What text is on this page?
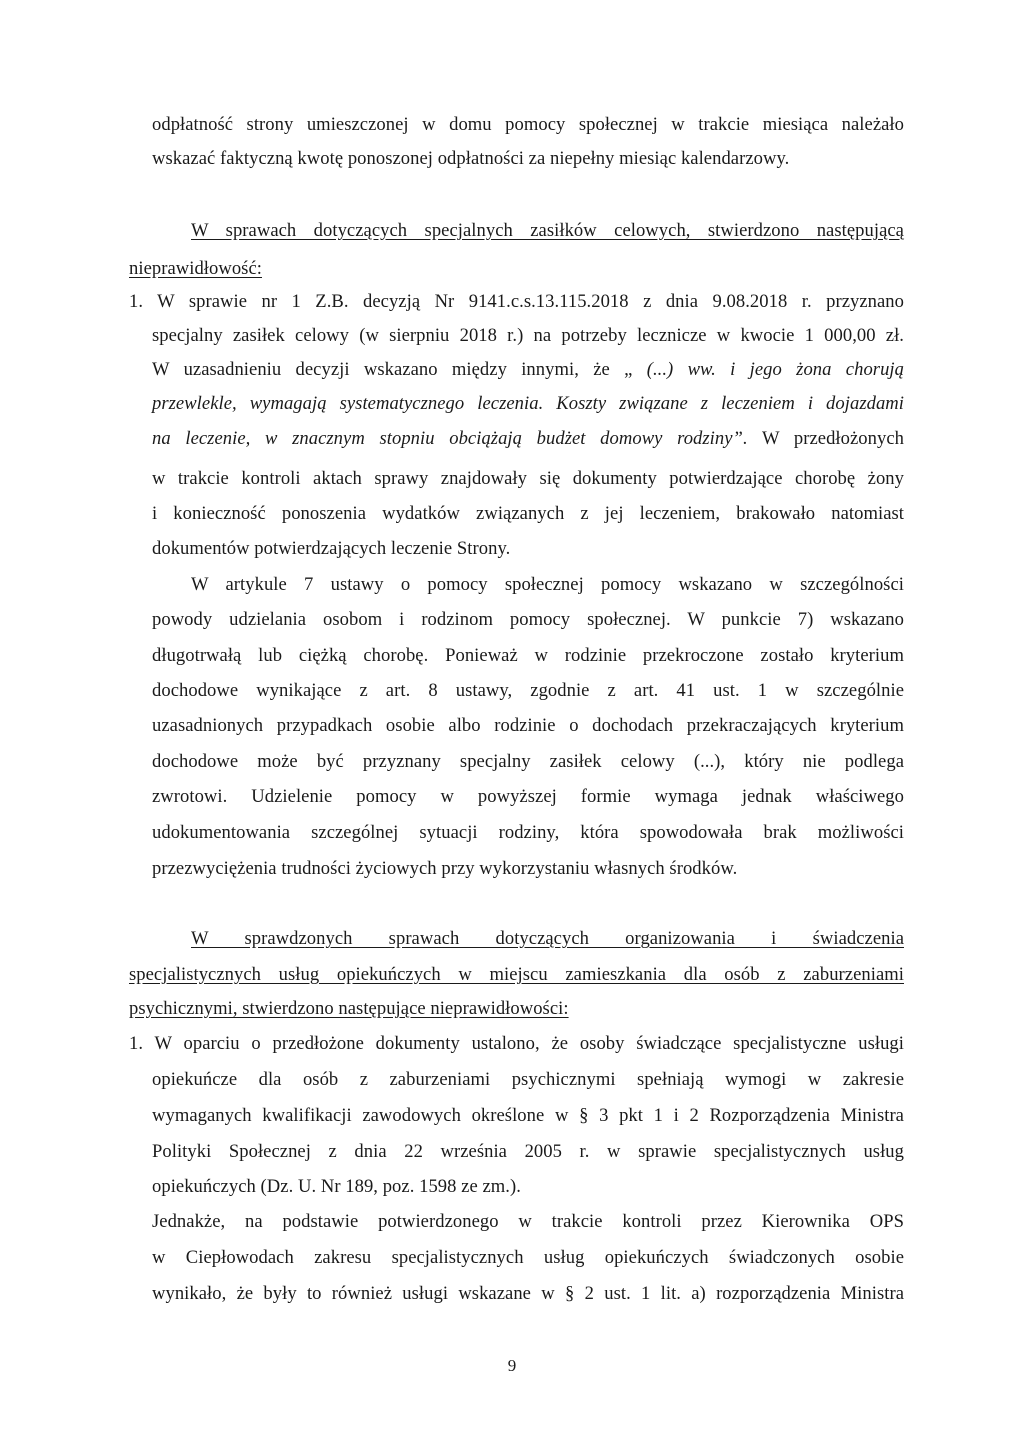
odpłatność strony umieszczonej w domu pomocy społecznej w trakcie miesiąca należało
wskazać faktyczną kwotę ponoszonej odpłatności za niepełny miesiąc kalendarzowy.
W sprawach dotyczących specjalnych zasiłków celowych, stwierdzono następującą
nieprawidłowość:
1. W sprawie nr 1 Z.B. decyzją Nr 9141.c.s.13.115.2018 z dnia 9.08.2018 r. przyznano
specjalny zasiłek celowy (w sierpniu 2018 r.) na potrzeby lecznicze w kwocie 1 000,00 zł.
W uzasadnieniu decyzji wskazano między innymi, że „ (...) ww. i jego żona chorują
przewlekle, wymagają systematycznego leczenia. Koszty związane z leczeniem i dojazdami
na leczenie, w znacznym stopniu obciążają budżet domowy rodziny”. W przedłożonych
w trakcie kontroli aktach sprawy znajdowały się dokumenty potwierdzające chorobę żony
i konieczność ponoszenia wydatków związanych z jej leczeniem, brakowało natomiast
dokumentów potwierdzających leczenie Strony.
W artykule 7 ustawy o pomocy społecznej pomocy wskazano w szczególności
powody udzielania osobom i rodzinom pomocy społecznej. W punkcie 7) wskazano
długotrwałą lub ciężką chorobę. Ponieważ w rodzinie przekroczone zostało kryterium
dochodowe wynikające z art. 8 ustawy, zgodnie z art. 41 ust. 1 w szczególnie
uzasadnionych przypadkach osobie albo rodzinie o dochodach przekraczających kryterium
dochodowe może być przyznany specjalny zasiłek celowy (...), który nie podlega
zwrotowi. Udzielenie pomocy w powyższej formie wymaga jednak właściwego
udokumentowania szczególnej sytuacji rodziny, która spowodowała brak możliwości
przezwyciężenia trudności życiowych przy wykorzystaniu własnych środków.
W sprawdzonych sprawach dotyczących organizowania i świadczenia
specjalistycznych usług opiekuńczych w miejscu zamieszkania dla osób z zaburzeniami
psychicznymi, stwierdzono następujące nieprawidłowości:
1. W oparciu o przedłożone dokumenty ustalono, że osoby świadczące specjalistyczne usługi
opiekuńcze dla osób z zaburzeniami psychicznymi spełniają wymogi w zakresie
wymaganych kwalifikacji zawodowych określone w § 3 pkt 1 i 2 Rozporządzenia Ministra
Polityki Społecznej z dnia 22 września 2005 r. w sprawie specjalistycznych usług
opiekuńczych (Dz. U. Nr 189, poz. 1598 ze zm.).
Jednakże, na podstawie potwierdzonego w trakcie kontroli przez Kierownika OPS
w Ciepłowodach zakresu specjalistycznych usług opiekuńczych świadczonych osobie
wynikało, że były to również usługi wskazane w § 2 ust. 1 lit. a) rozporządzenia Ministra
9
